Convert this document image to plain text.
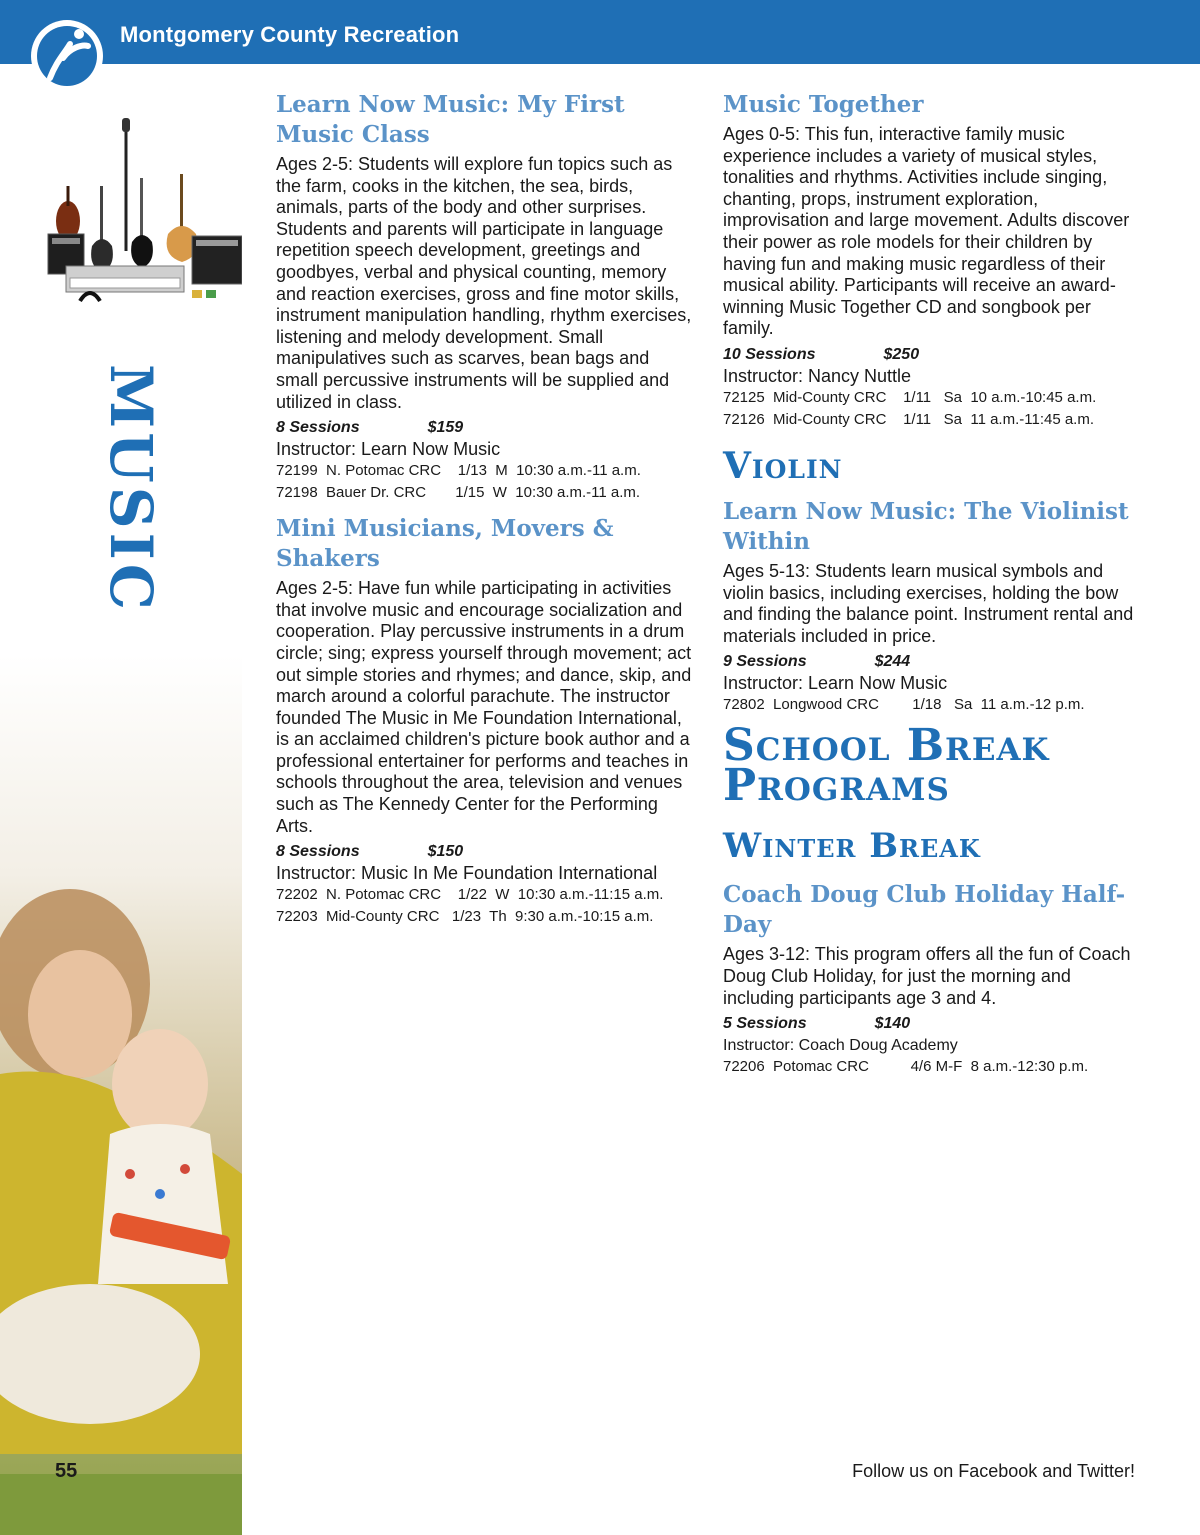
Montgomery County Recreation
MUSIC
Learn Now Music: My First Music Class

Ages 2-5: Students will explore fun topics such as the farm, cooks in the kitchen, the sea, birds, animals, parts of the body and other surprises. Students and parents will participate in language repetition speech development, greetings and goodbyes, verbal and physical counting, memory and reaction exercises, gross and fine motor skills, instrument manipulation handling, rhythm exercises, listening and melody development. Small manipulatives such as scarves, bean bags and small percussive instruments will be supplied and utilized in class.

8 Sessions	$159
Instructor: Learn Now Music
72199  N. Potomac CRC    1/13  M  10:30 a.m.-11 a.m.
72198  Bauer Dr. CRC       1/15  W  10:30 a.m.-11 a.m.
Mini Musicians, Movers & Shakers

Ages 2-5: Have fun while participating in activities that involve music and encourage socialization and cooperation. Play percussive instruments in a drum circle; sing; express yourself through movement; act out simple stories and rhymes; and dance, skip, and march around a colorful parachute. The instructor founded The Music in Me Foundation International, is an acclaimed children's picture book author and a professional entertainer for performs and teaches in schools throughout the area, television and venues such as The Kennedy Center for the Performing Arts.

8 Sessions	$150
Instructor: Music In Me Foundation International
72202  N. Potomac CRC    1/22  W  10:30 a.m.-11:15 a.m.
72203  Mid-County CRC   1/23  Th  9:30 a.m.-10:15 a.m.
Music Together

Ages 0-5: This fun, interactive family music experience includes a variety of musical styles, tonalities and rhythms. Activities include singing, chanting, props, instrument exploration, improvisation and large movement. Adults discover their power as role models for their children by having fun and making music regardless of their musical ability. Participants will receive an award-winning Music Together CD and songbook per family.

10 Sessions	$250
Instructor: Nancy Nuttle
72125  Mid-County CRC    1/11   Sa  10 a.m.-10:45 a.m.
72126  Mid-County CRC    1/11   Sa  11 a.m.-11:45 a.m.
Violin
Learn Now Music: The Violinist Within

Ages 5-13: Students learn musical symbols and violin basics, including exercises, holding the bow and finding the balance point. Instrument rental and materials included in price.

9 Sessions	$244
Instructor: Learn Now Music
72802  Longwood CRC        1/18   Sa  11 a.m.-12 p.m.
School Break Programs
Winter Break
Coach Doug Club Holiday Half-Day

Ages 3-12: This program offers all the fun of Coach Doug Club Holiday, for just the morning and including participants age 3 and 4.

5 Sessions	$140
Instructor: Coach Doug Academy
72206  Potomac CRC          4/6 M-F  8 a.m.-12:30 p.m.
55	Follow us on Facebook and Twitter!
